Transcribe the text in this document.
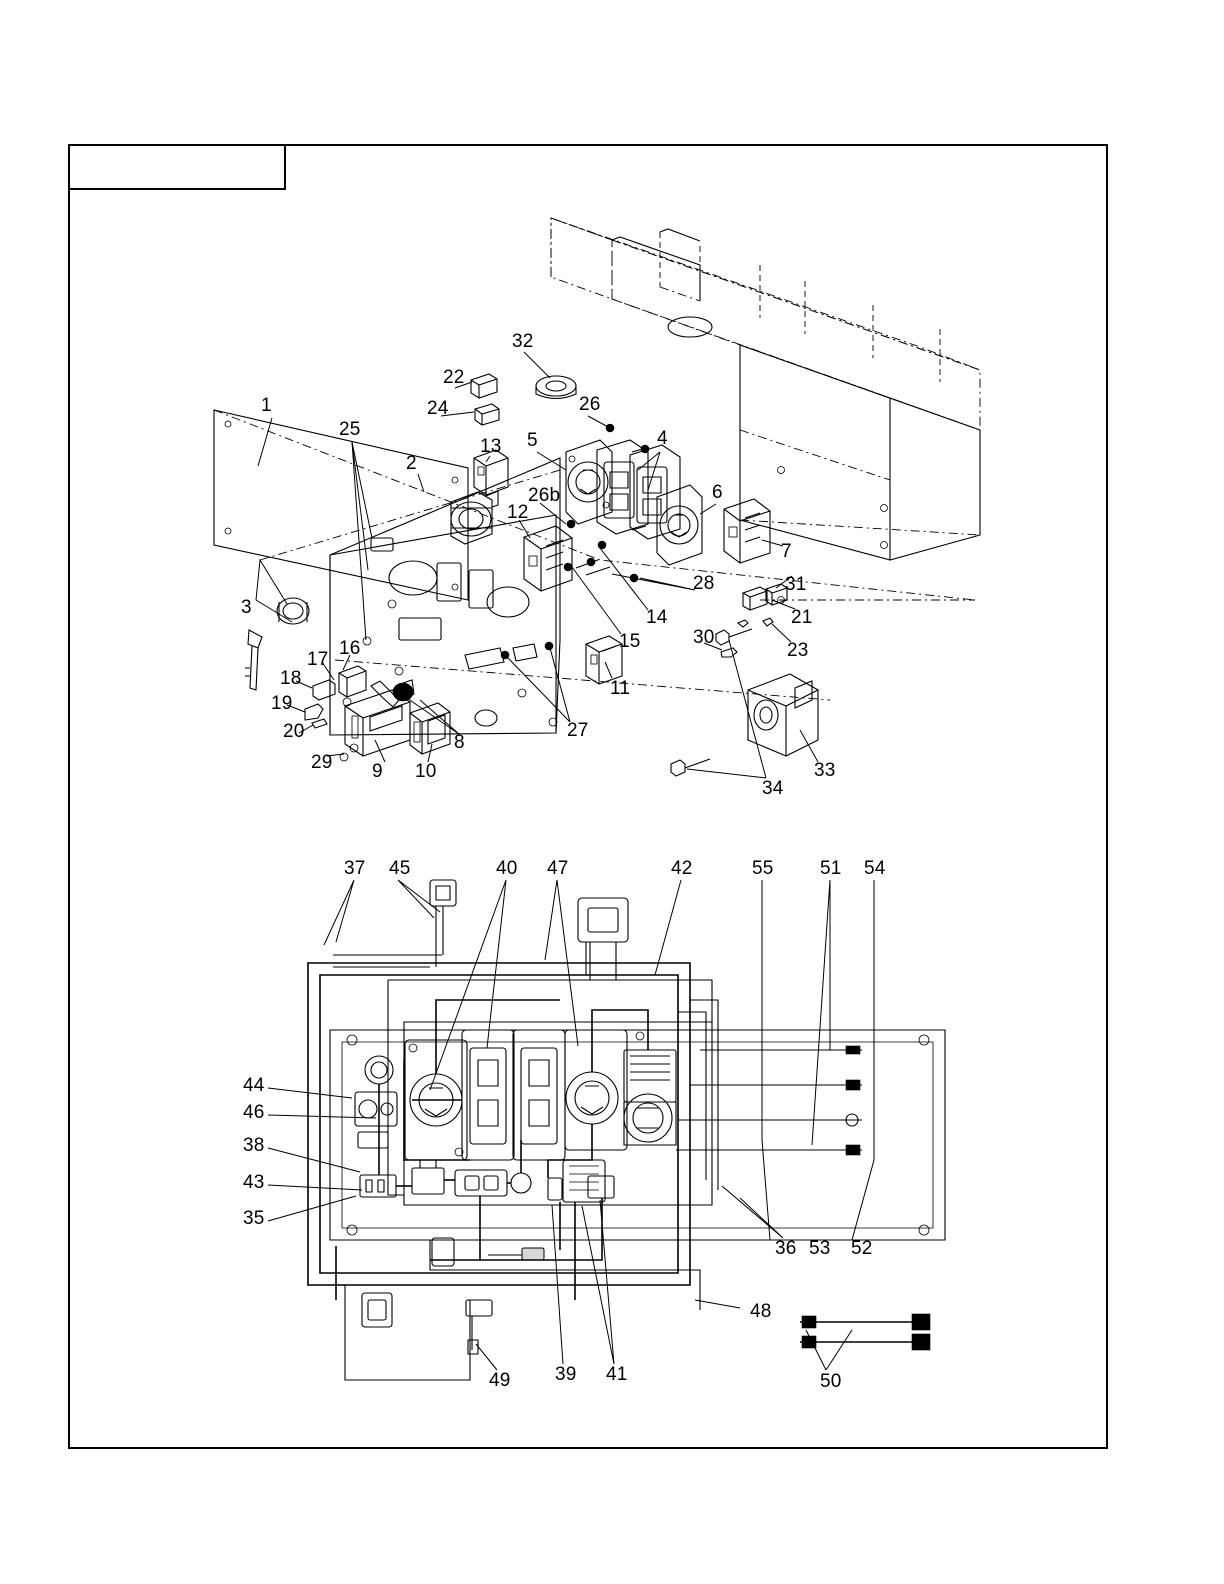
1
2
3
4
5
6
7
8
9 10
11
12
13
14
15
16
17
18
19
20
21
22
23
24
25
26
26b
27
28
29
30
31
32
33
34
35
36
37
38
39
40
41
42
43
44
45
46
47
48
49	50
51
52
53
54
55
